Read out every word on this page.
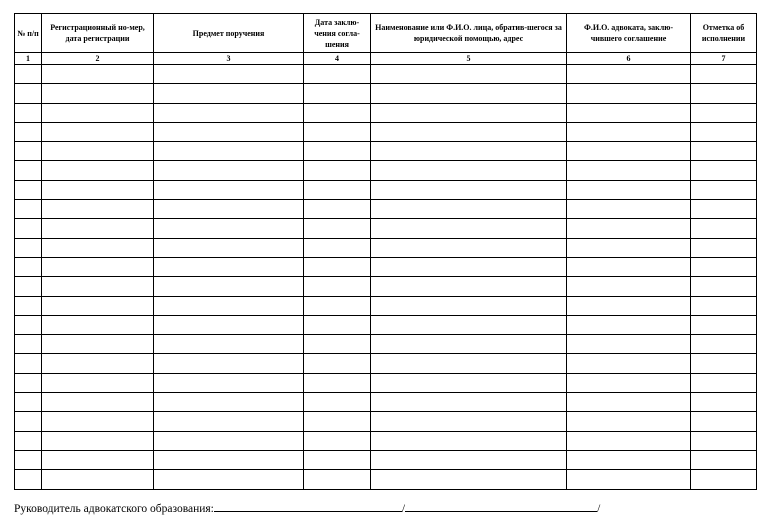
№ п/п	Регистрационный но-мер, дата регистрации	Предмет поручения	Дата заклю-чения согла-шения	Наименование или Ф.И.О. лица, обратив-шегося за юридической помощью, адрес	Ф.И.О. адвоката, заклю-чившего соглашение	Отметка об исполнении

1	2	3	4	5	6	7

Руководитель адвокатского образования:	/	/
